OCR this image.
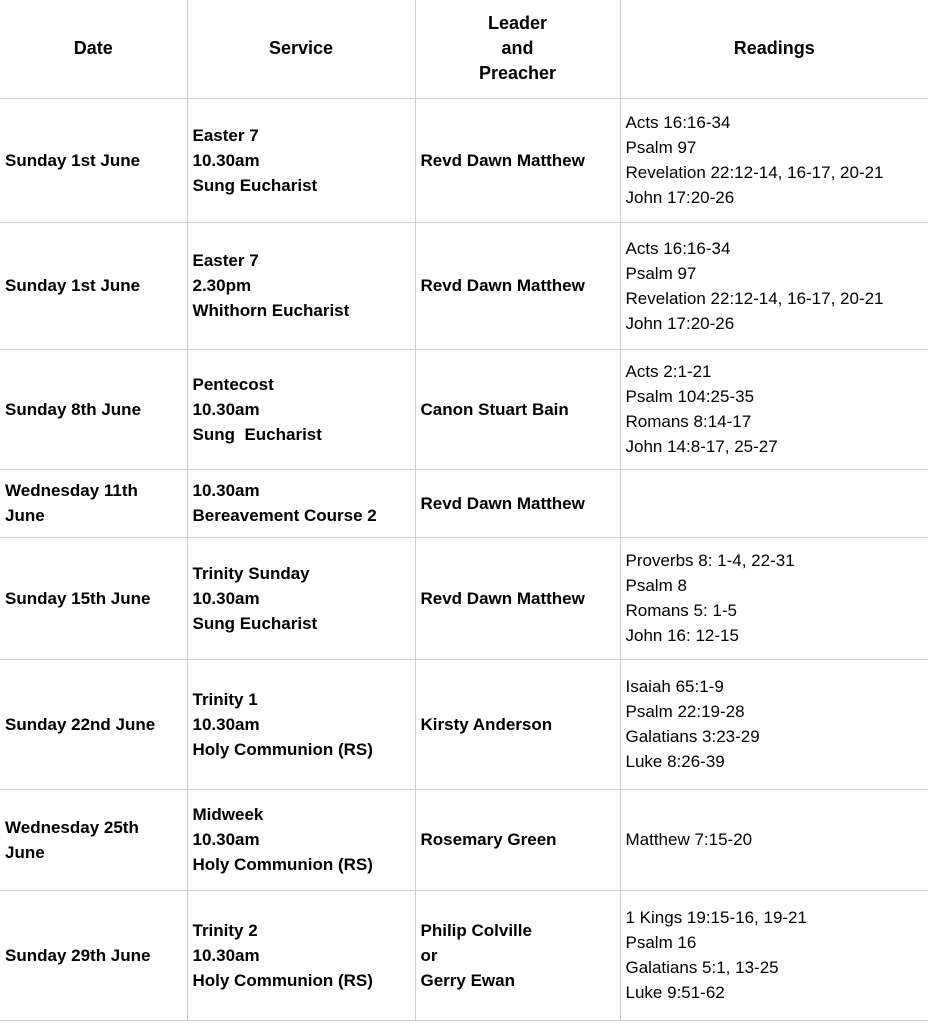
Date	Service	Leader
and
Preacher	Readings
Sunday 1st June	Easter 7
10.30am
Sung Eucharist	Revd Dawn Matthew	Acts 16:16-34
Psalm 97
Revelation 22:12-14, 16-17, 20-21
John 17:20-26

Sunday 1st June	Easter 7
2.30pm
Whithorn Eucharist	Revd Dawn Matthew	Acts 16:16-34
Psalm 97
Revelation 22:12-14, 16-17, 20-21
John 17:20-26

Sunday 8th June	Pentecost
10.30am
Sung  Eucharist	Canon Stuart Bain	Acts 2:1-21
Psalm 104:25-35
Romans 8:14-17
John 14:8-17, 25-27

Wednesday 11th June	10.30am
Bereavement Course 2	Revd Dawn Matthew	

Sunday 15th June	Trinity Sunday
10.30am
Sung Eucharist	Revd Dawn Matthew	Proverbs 8: 1-4, 22-31
Psalm 8
Romans 5: 1-5
John 16: 12-15

Sunday 22nd June	Trinity 1
10.30am
Holy Communion (RS)	Kirsty Anderson	Isaiah 65:1-9
Psalm 22:19-28
Galatians 3:23-29
Luke 8:26-39

Wednesday 25th June	Midweek
10.30am
Holy Communion (RS)	Rosemary Green	Matthew 7:15-20

Sunday 29th June	Trinity 2
10.30am
Holy Communion (RS)	Philip Colville
or
Gerry Ewan	1 Kings 19:15-16, 19-21
Psalm 16
Galatians 5:1, 13-25
Luke 9:51-62
